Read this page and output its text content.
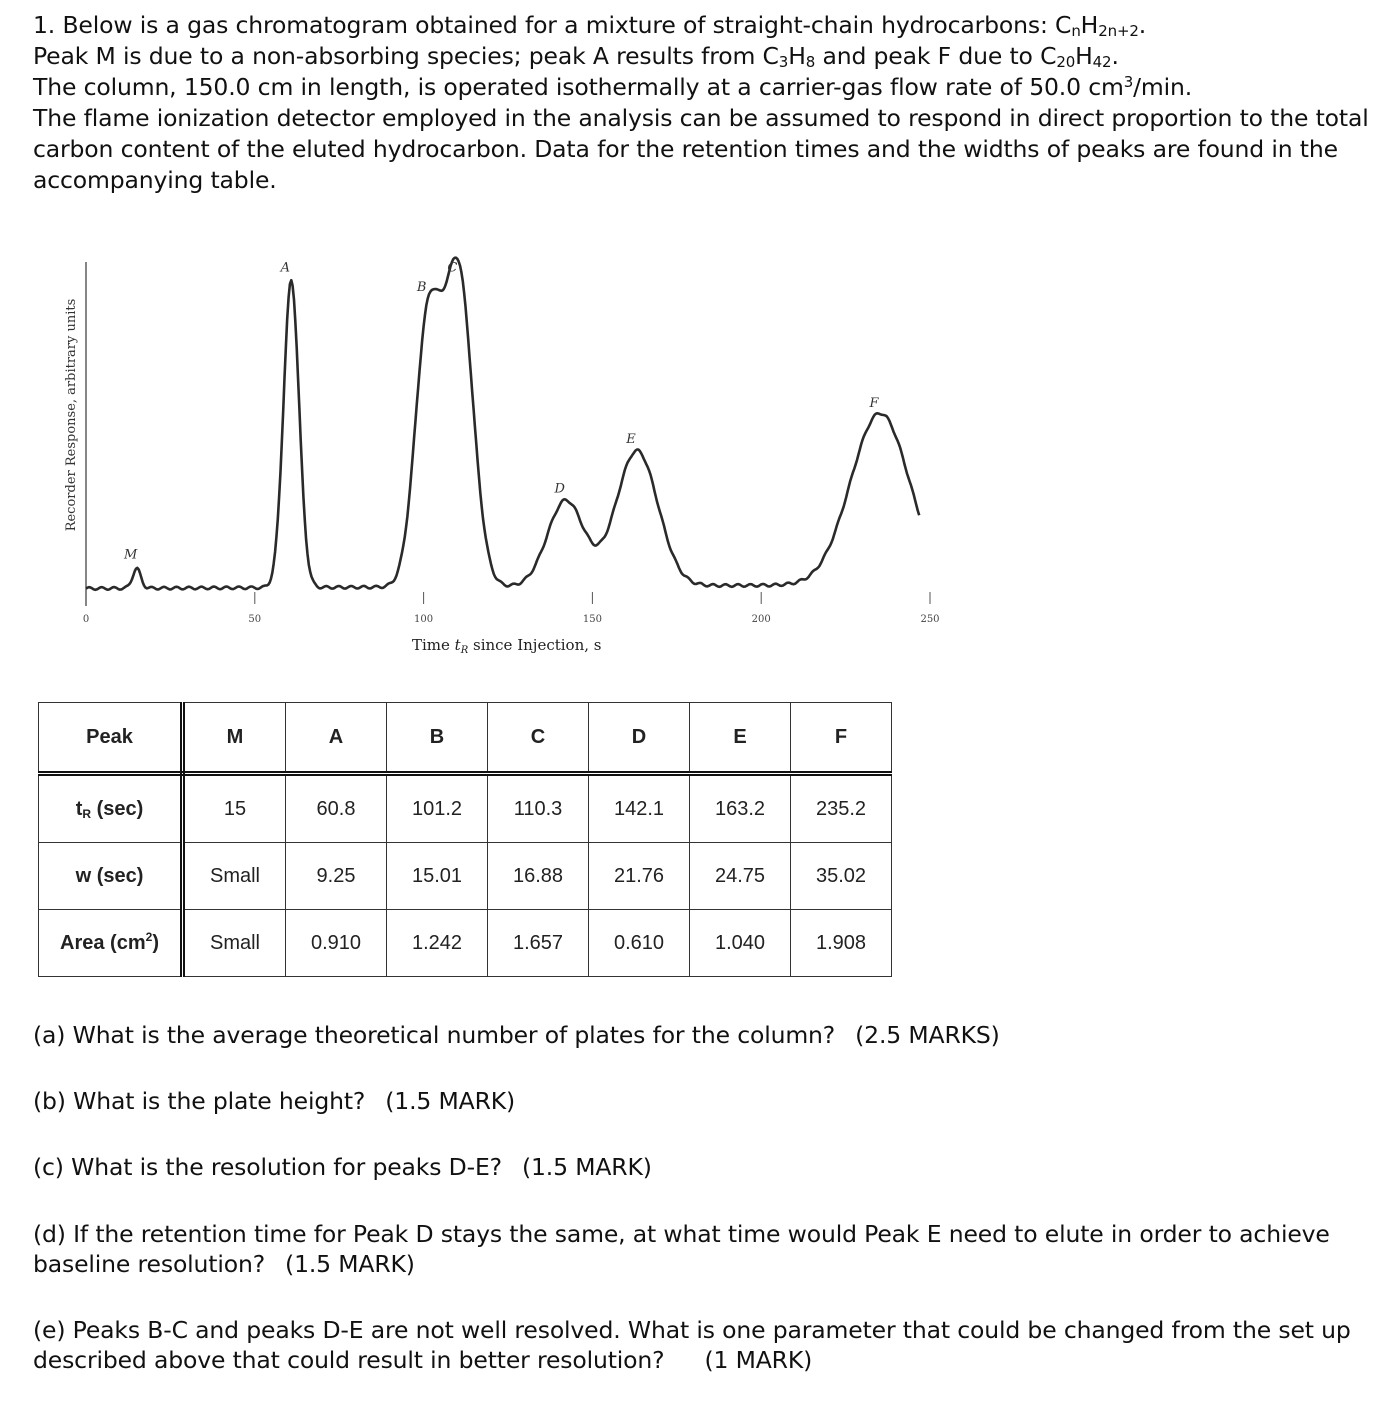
1. Below is a gas chromatogram obtained for a mixture of straight-chain hydrocarbons: $C_nH_{2n+2}$.
Peak M is due to a non-absorbing species; peak A results from $C_3H_8$ and peak F due to $C_{20}H_{42}$.
The column, 150.0 cm in length, is operated isothermally at a carrier-gas flow rate of 50.0 $cm^3/\min$.
The flame ionization detector employed in the analysis can be assumed to respond in direct proportion to the total carbon content of the eluted hydrocarbon. Data for the retention times and the widths of peaks are found in the accompanying table.
Recorder Response, arbitrary units
0	50	100	150	200	250
M
A
B
C
D
E
F
Time $t_R$ since Injection, s
Peak	M	A	B	C	D	E	F
$t_R$ (sec)	15	60.8	101.2	110.3	142.1	163.2	235.2
w (sec)	Small	9.25	15.01	16.88	21.76	24.75	35.02
Area $(cm^2)$	Small	0.910	1.242	1.657	0.610	1.040	1.908
(a) What is the average theoretical number of plates for the column? (2.5 MARKS)
(b) What is the plate height? (1.5 MARK)
(c) What is the resolution for peaks D-E? (1.5 MARK)
(d) If the retention time for Peak D stays the same, at what time would Peak E need to elute in order to achieve baseline resolution? (1.5 MARK)
(e) Peaks B-C and peaks D-E are not well resolved. What is one parameter that could be changed from the set up described above that could result in better resolution? (1 MARK)
